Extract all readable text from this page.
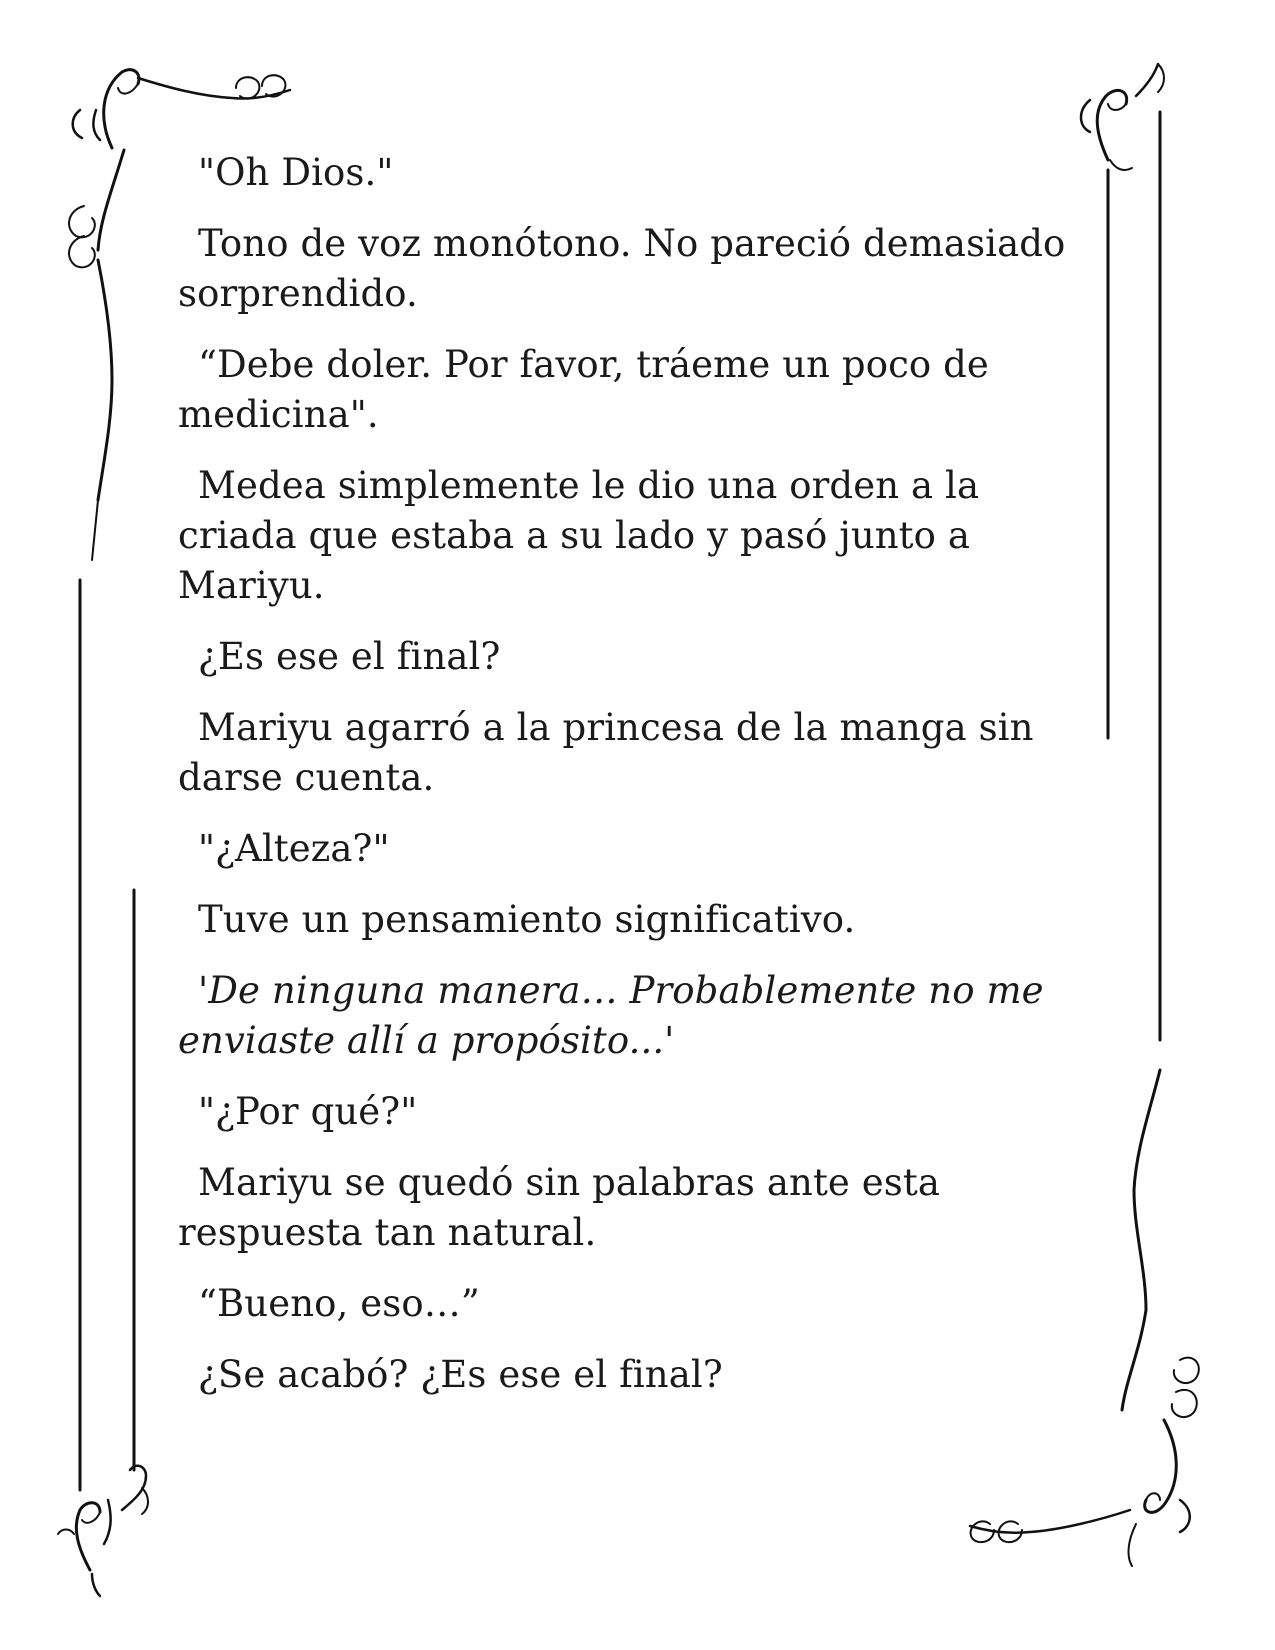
"Oh Dios."

Tono de voz monótono. No pareció demasiado sorprendido.

“Debe doler. Por favor, tráeme un poco de medicina".

Medea simplemente le dio una orden a la criada que estaba a su lado y pasó junto a Mariyu.

¿Es ese el final?

Mariyu agarró a la princesa de la manga sin darse cuenta.

"¿Alteza?"

Tuve un pensamiento significativo.

'De ninguna manera… Probablemente no me enviaste allí a propósito...'

"¿Por qué?"

Mariyu se quedó sin palabras ante esta respuesta tan natural.

“Bueno, eso…”

¿Se acabó? ¿Es ese el final?
